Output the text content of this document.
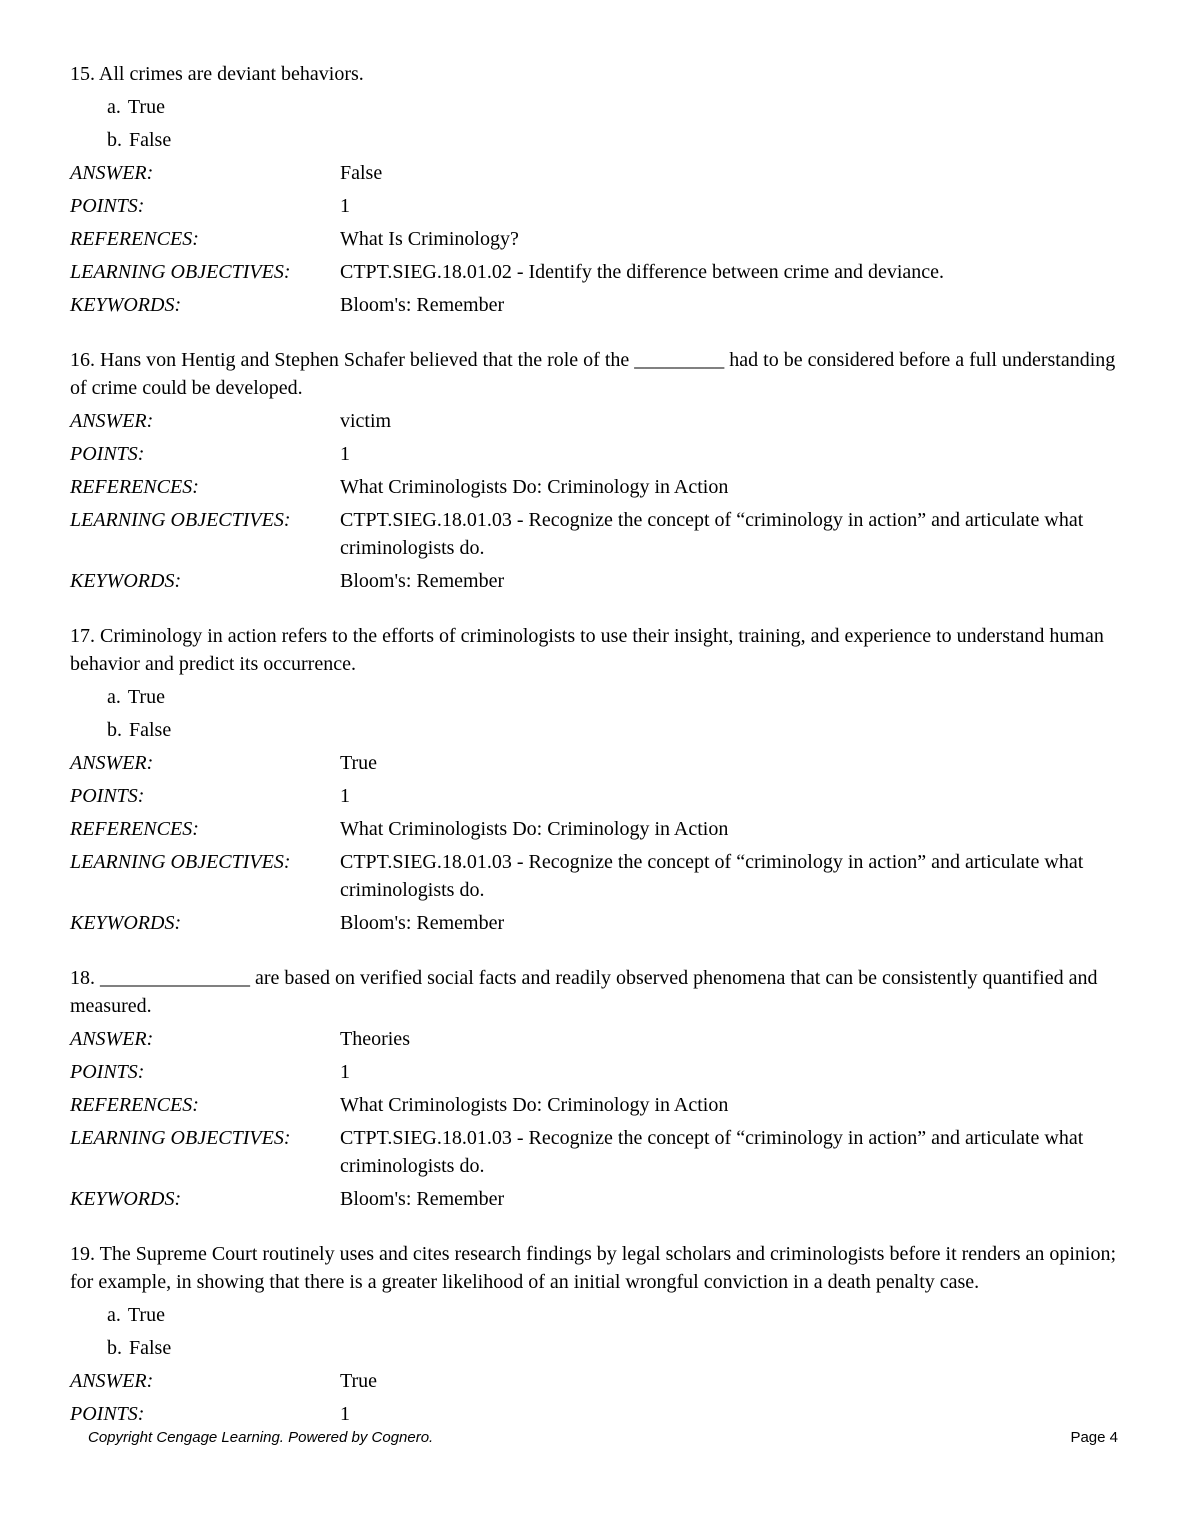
15. All crimes are deviant behaviors.

a. True
b. False
ANSWER:	False
POINTS:	1
REFERENCES:	What Is Criminology?
LEARNING OBJECTIVES:	CTPT.SIEG.18.01.02 - Identify the difference between crime and deviance.
KEYWORDS:	Bloom's: Remember

16. Hans von Hentig and Stephen Schafer believed that the role of the _________ had to be considered before a full understanding of crime could be developed.

ANSWER:	victim
POINTS:	1
REFERENCES:	What Criminologists Do: Criminology in Action
LEARNING OBJECTIVES:	CTPT.SIEG.18.01.03 - Recognize the concept of “criminology in action” and articulate what criminologists do.
KEYWORDS:	Bloom's: Remember

17. Criminology in action refers to the efforts of criminologists to use their insight, training, and experience to understand human behavior and predict its occurrence.

a. True
b. False
ANSWER:	True
POINTS:	1
REFERENCES:	What Criminologists Do: Criminology in Action
LEARNING OBJECTIVES:	CTPT.SIEG.18.01.03 - Recognize the concept of “criminology in action” and articulate what criminologists do.
KEYWORDS:	Bloom's: Remember

18. _______________ are based on verified social facts and readily observed phenomena that can be consistently quantified and measured.

ANSWER:	Theories
POINTS:	1
REFERENCES:	What Criminologists Do: Criminology in Action
LEARNING OBJECTIVES:	CTPT.SIEG.18.01.03 - Recognize the concept of “criminology in action” and articulate what criminologists do.
KEYWORDS:	Bloom's: Remember

19. The Supreme Court routinely uses and cites research findings by legal scholars and criminologists before it renders an opinion; for example, in showing that there is a greater likelihood of an initial wrongful conviction in a death penalty case.

a. True
b. False
ANSWER:	True
POINTS:	1
Copyright Cengage Learning. Powered by Cognero.	Page 4
